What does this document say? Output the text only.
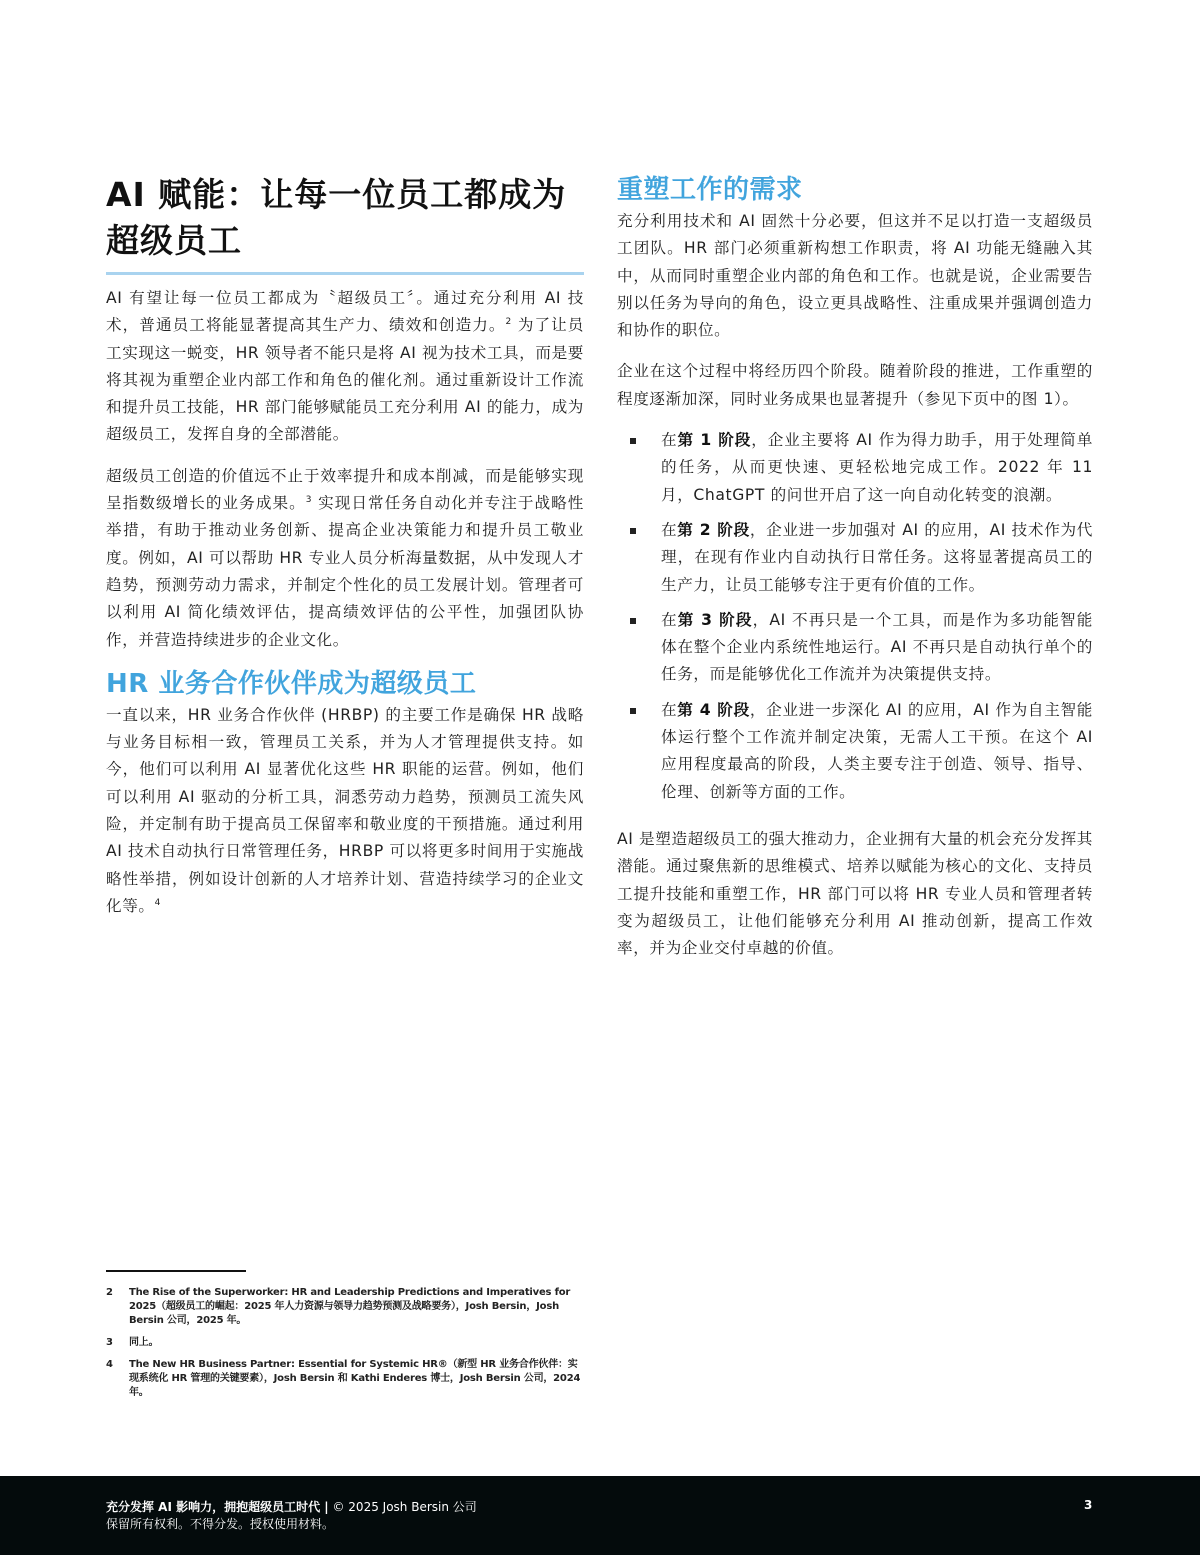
AI 赋能：让每一位员工都成为超级员工

AI 有望让每一位员工都成为〝超级员工〞。通过充分利用 AI 技术，普通员工将能显著提高其生产力、绩效和创造力。$^2$ 为了让员工实现这一蜕变，HR 领导者不能只是将 AI 视为技术工具，而是要将其视为重塑企业内部工作和角色的催化剂。通过重新设计工作流和提升员工技能，HR 部门能够赋能员工充分利用 AI 的能力，成为超级员工，发挥自身的全部潜能。

超级员工创造的价值远不止于效率提升和成本削减，而是能够实现呈指数级增长的业务成果。$^3$ 实现日常任务自动化并专注于战略性举措，有助于推动业务创新、提高企业决策能力和提升员工敬业度。例如，AI 可以帮助 HR 专业人员分析海量数据，从中发现人才趋势，预测劳动力需求，并制定个性化的员工发展计划。管理者可以利用 AI 简化绩效评估，提高绩效评估的公平性，加强团队协作，并营造持续进步的企业文化。

HR 业务合作伙伴成为超级员工

一直以来，HR 业务合作伙伴 (HRBP) 的主要工作是确保 HR 战略与业务目标相一致，管理员工关系，并为人才管理提供支持。如今，他们可以利用 AI 显著优化这些 HR 职能的运营。例如，他们可以利用 AI 驱动的分析工具，洞悉劳动力趋势，预测员工流失风险，并定制有助于提高员工保留率和敬业度的干预措施。通过利用 AI 技术自动执行日常管理任务，HRBP 可以将更多时间用于实施战略性举措，例如设计创新的人才培养计划、营造持续学习的企业文化等。$^4$

重塑工作的需求

充分利用技术和 AI 固然十分必要，但这并不足以打造一支超级员工团队。HR 部门必须重新构想工作职责，将 AI 功能无缝融入其中，从而同时重塑企业内部的角色和工作。也就是说，企业需要告别以任务为导向的角色，设立更具战略性、注重成果并强调创造力和协作的职位。

企业在这个过程中将经历四个阶段。随着阶段的推进，工作重塑的程度逐渐加深，同时业务成果也显著提升（参见下页中的图 1）。

在第 1 阶段，企业主要将 AI 作为得力助手，用于处理简单的任务，从而更快速、更轻松地完成工作。2022 年 11 月，ChatGPT 的问世开启了这一向自动化转变的浪潮。

在第 2 阶段，企业进一步加强对 AI 的应用，AI 技术作为代理，在现有作业内自动执行日常任务。这将显著提高员工的生产力，让员工能够专注于更有价值的工作。

在第 3 阶段，AI 不再只是一个工具，而是作为多功能智能体在整个企业内系统性地运行。AI 不再只是自动执行单个的任务，而是能够优化工作流并为决策提供支持。

在第 4 阶段，企业进一步深化 AI 的应用，AI 作为自主智能体运行整个工作流并制定决策，无需人工干预。在这个 AI 应用程度最高的阶段，人类主要专注于创造、领导、指导、伦理、创新等方面的工作。

AI 是塑造超级员工的强大推动力，企业拥有大量的机会充分发挥其潜能。通过聚焦新的思维模式、培养以赋能为核心的文化、支持员工提升技能和重塑工作，HR 部门可以将 HR 专业人员和管理者转变为超级员工，让他们能够充分利用 AI 推动创新，提高工作效率，并为企业交付卓越的价值。

2	The Rise of the Superworker: HR and Leadership Predictions and Imperatives for 2025（超级员工的崛起：2025 年人力资源与领导力趋势预测及战略要务），Josh Bersin，Josh Bersin 公司，2025 年。
3	同上。
4	The New HR Business Partner: Essential for Systemic HR®（新型 HR 业务合作伙伴：实现系统化 HR 管理的关键要素），Josh Bersin 和 Kathi Enderes 博士，Josh Bersin 公司，2024 年。
充分发挥 AI 影响力，拥抱超级员工时代 | © 2025 Josh Bersin 公司
保留所有权利。不得分发。授权使用材料。
3
